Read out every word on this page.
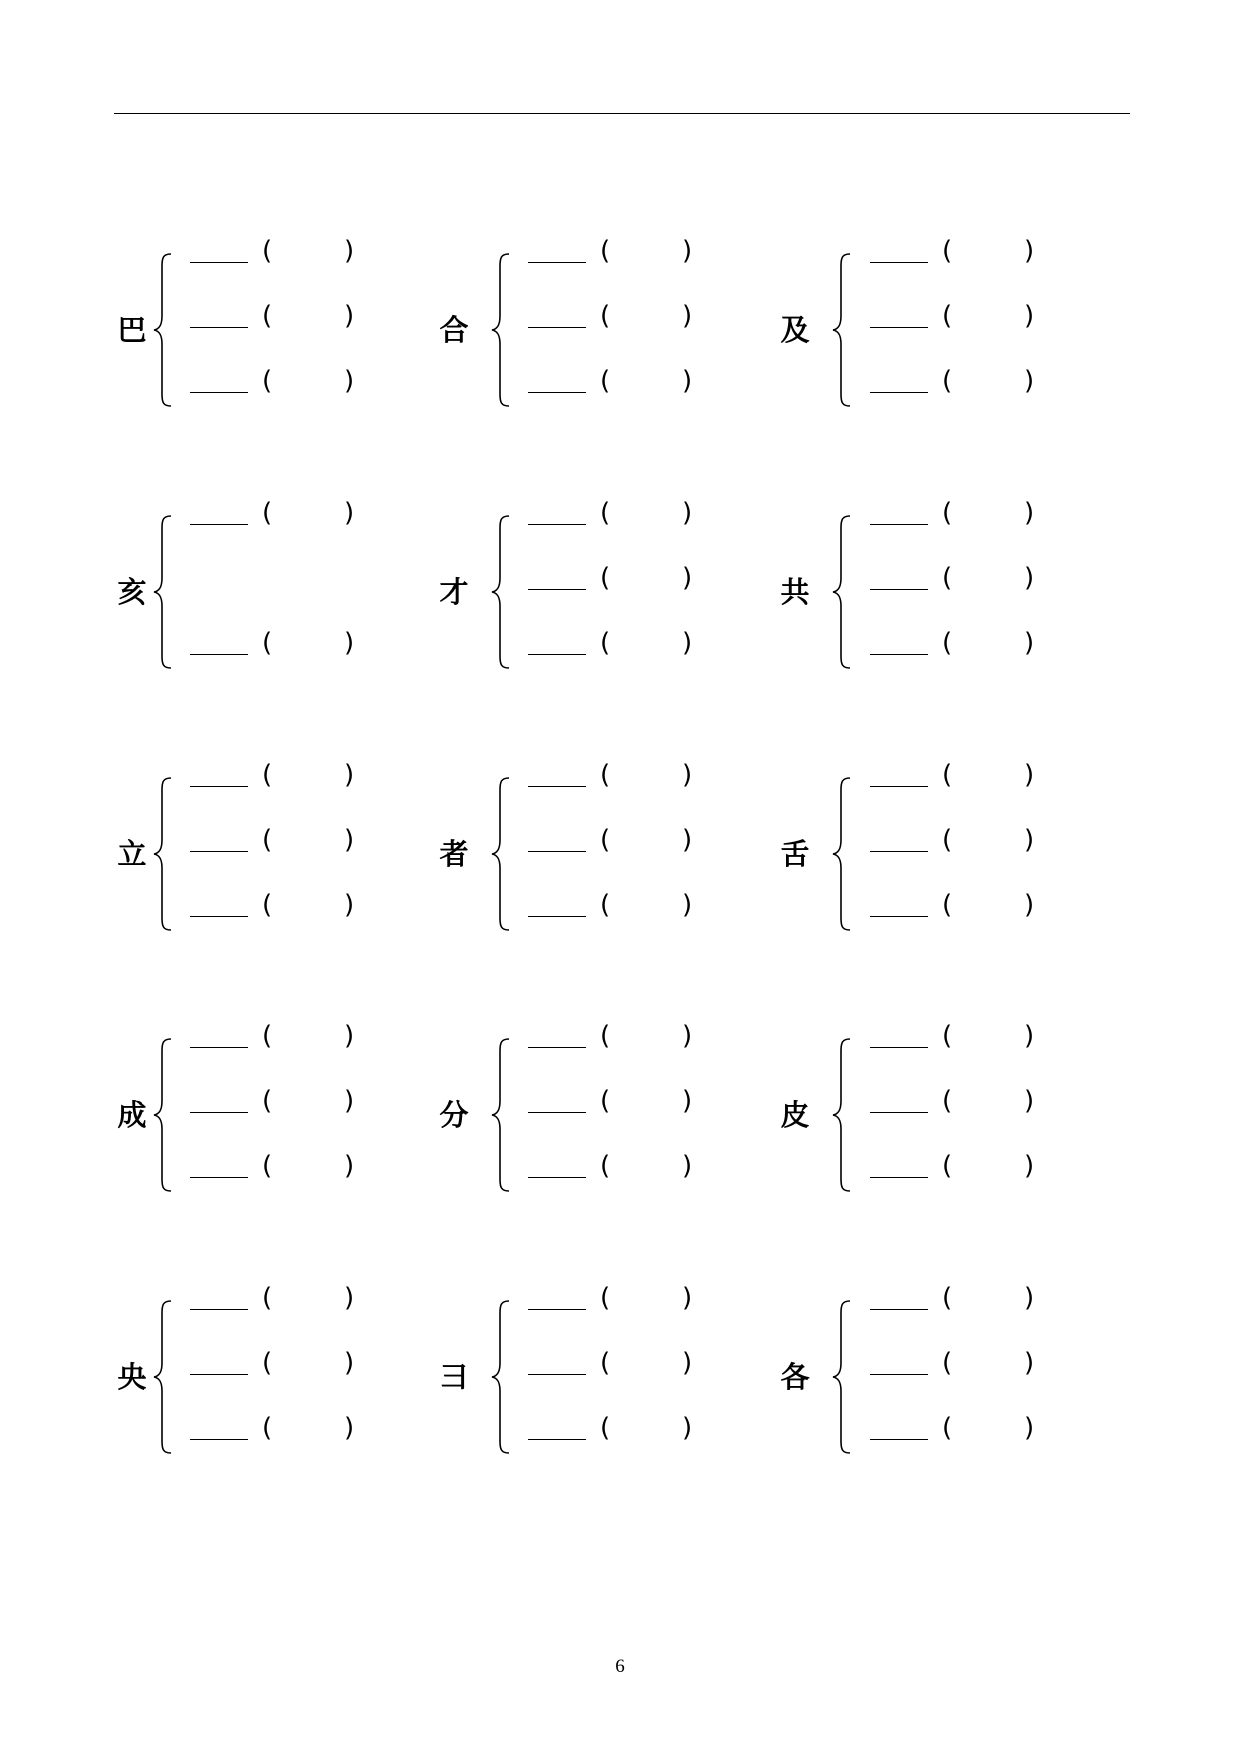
巴
(	)
(	)
(	)
合
(	)
(	)
(	)
及
(	)
(	)
(	)
亥
(	)
(	)
才
(	)
(	)
(	)
共
(	)
(	)
(	)
立
(	)
(	)
(	)
者
(	)
(	)
(	)
舌
(	)
(	)
(	)
成
(	)
(	)
(	)
分
(	)
(	)
(	)
皮
(	)
(	)
(	)
央
(	)
(	)
(	)
彐
(	)
(	)
(	)
各
(	)
(	)
(	)
6
